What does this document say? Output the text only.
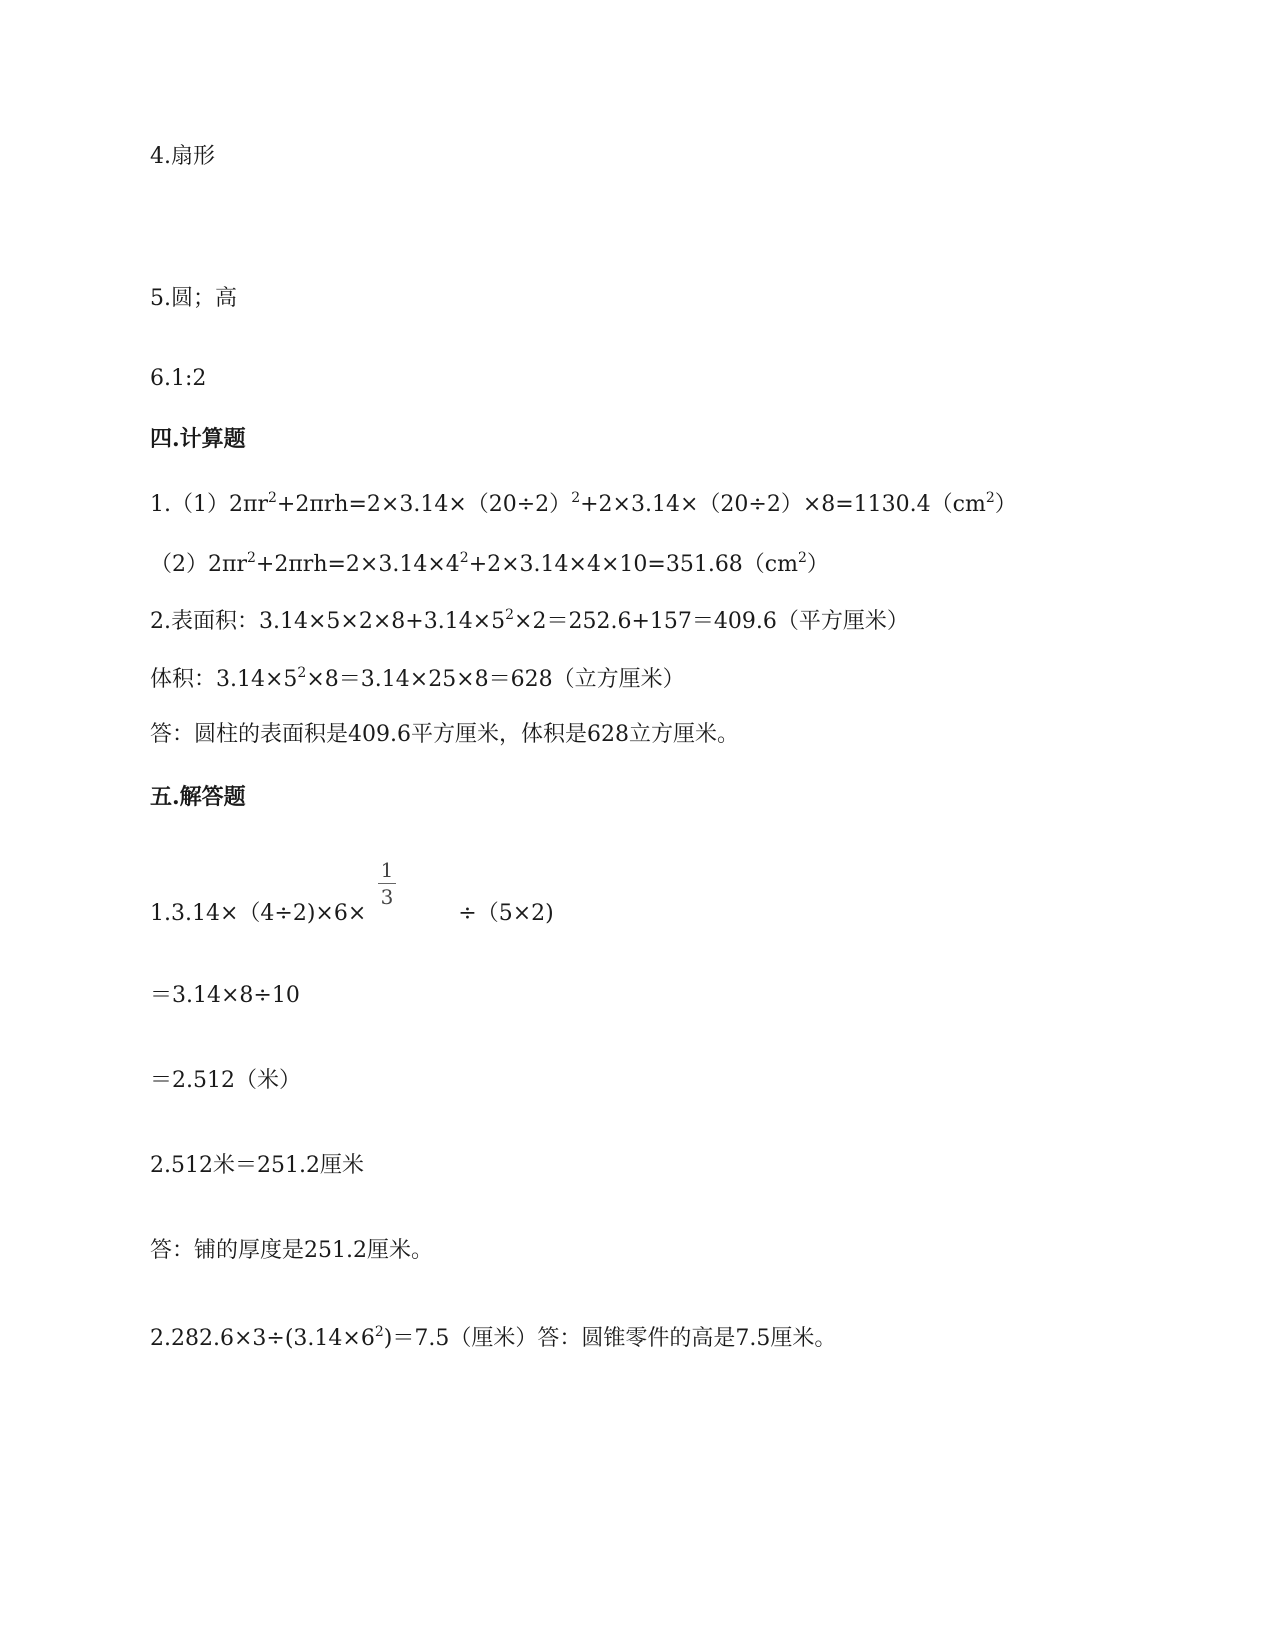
4.扇形
5.圆；高
6.1:2
四.计算题
$1.(1)2\pi r^2+2\pi rh=2\times 3.14\times(20\div 2)^2+2\times 3.14\times(20\div 2)\times 8=1130.4(cm^2)$
$(2)2\pi r^2+2\pi rh=2\times 3.14\times 4^2+2\times 3.14\times 4\times 10=351.68(cm^2)$
2.表面积：$3.14\times 5\times 2\times 8+3.14\times 5^2\times 2=252.6+157=409.6$（平方厘米）
体积：$3.14\times 5^2\times 8=3.14\times 25\times 8=628$（立方厘米）
答：圆柱的表面积是409.6平方厘米，体积是628立方厘米。
五.解答题
1.3.14×（4÷2)×6×	÷（5×2)
1
3
＝3.14×8÷10
＝2.512（米）
2.512米＝251.2厘米
答：铺的厚度是251.2厘米。
$2.282.6\times 3\div(3.14\times 6^2)=7.5$（厘米）答：圆锥零件的高是7.5厘米。
